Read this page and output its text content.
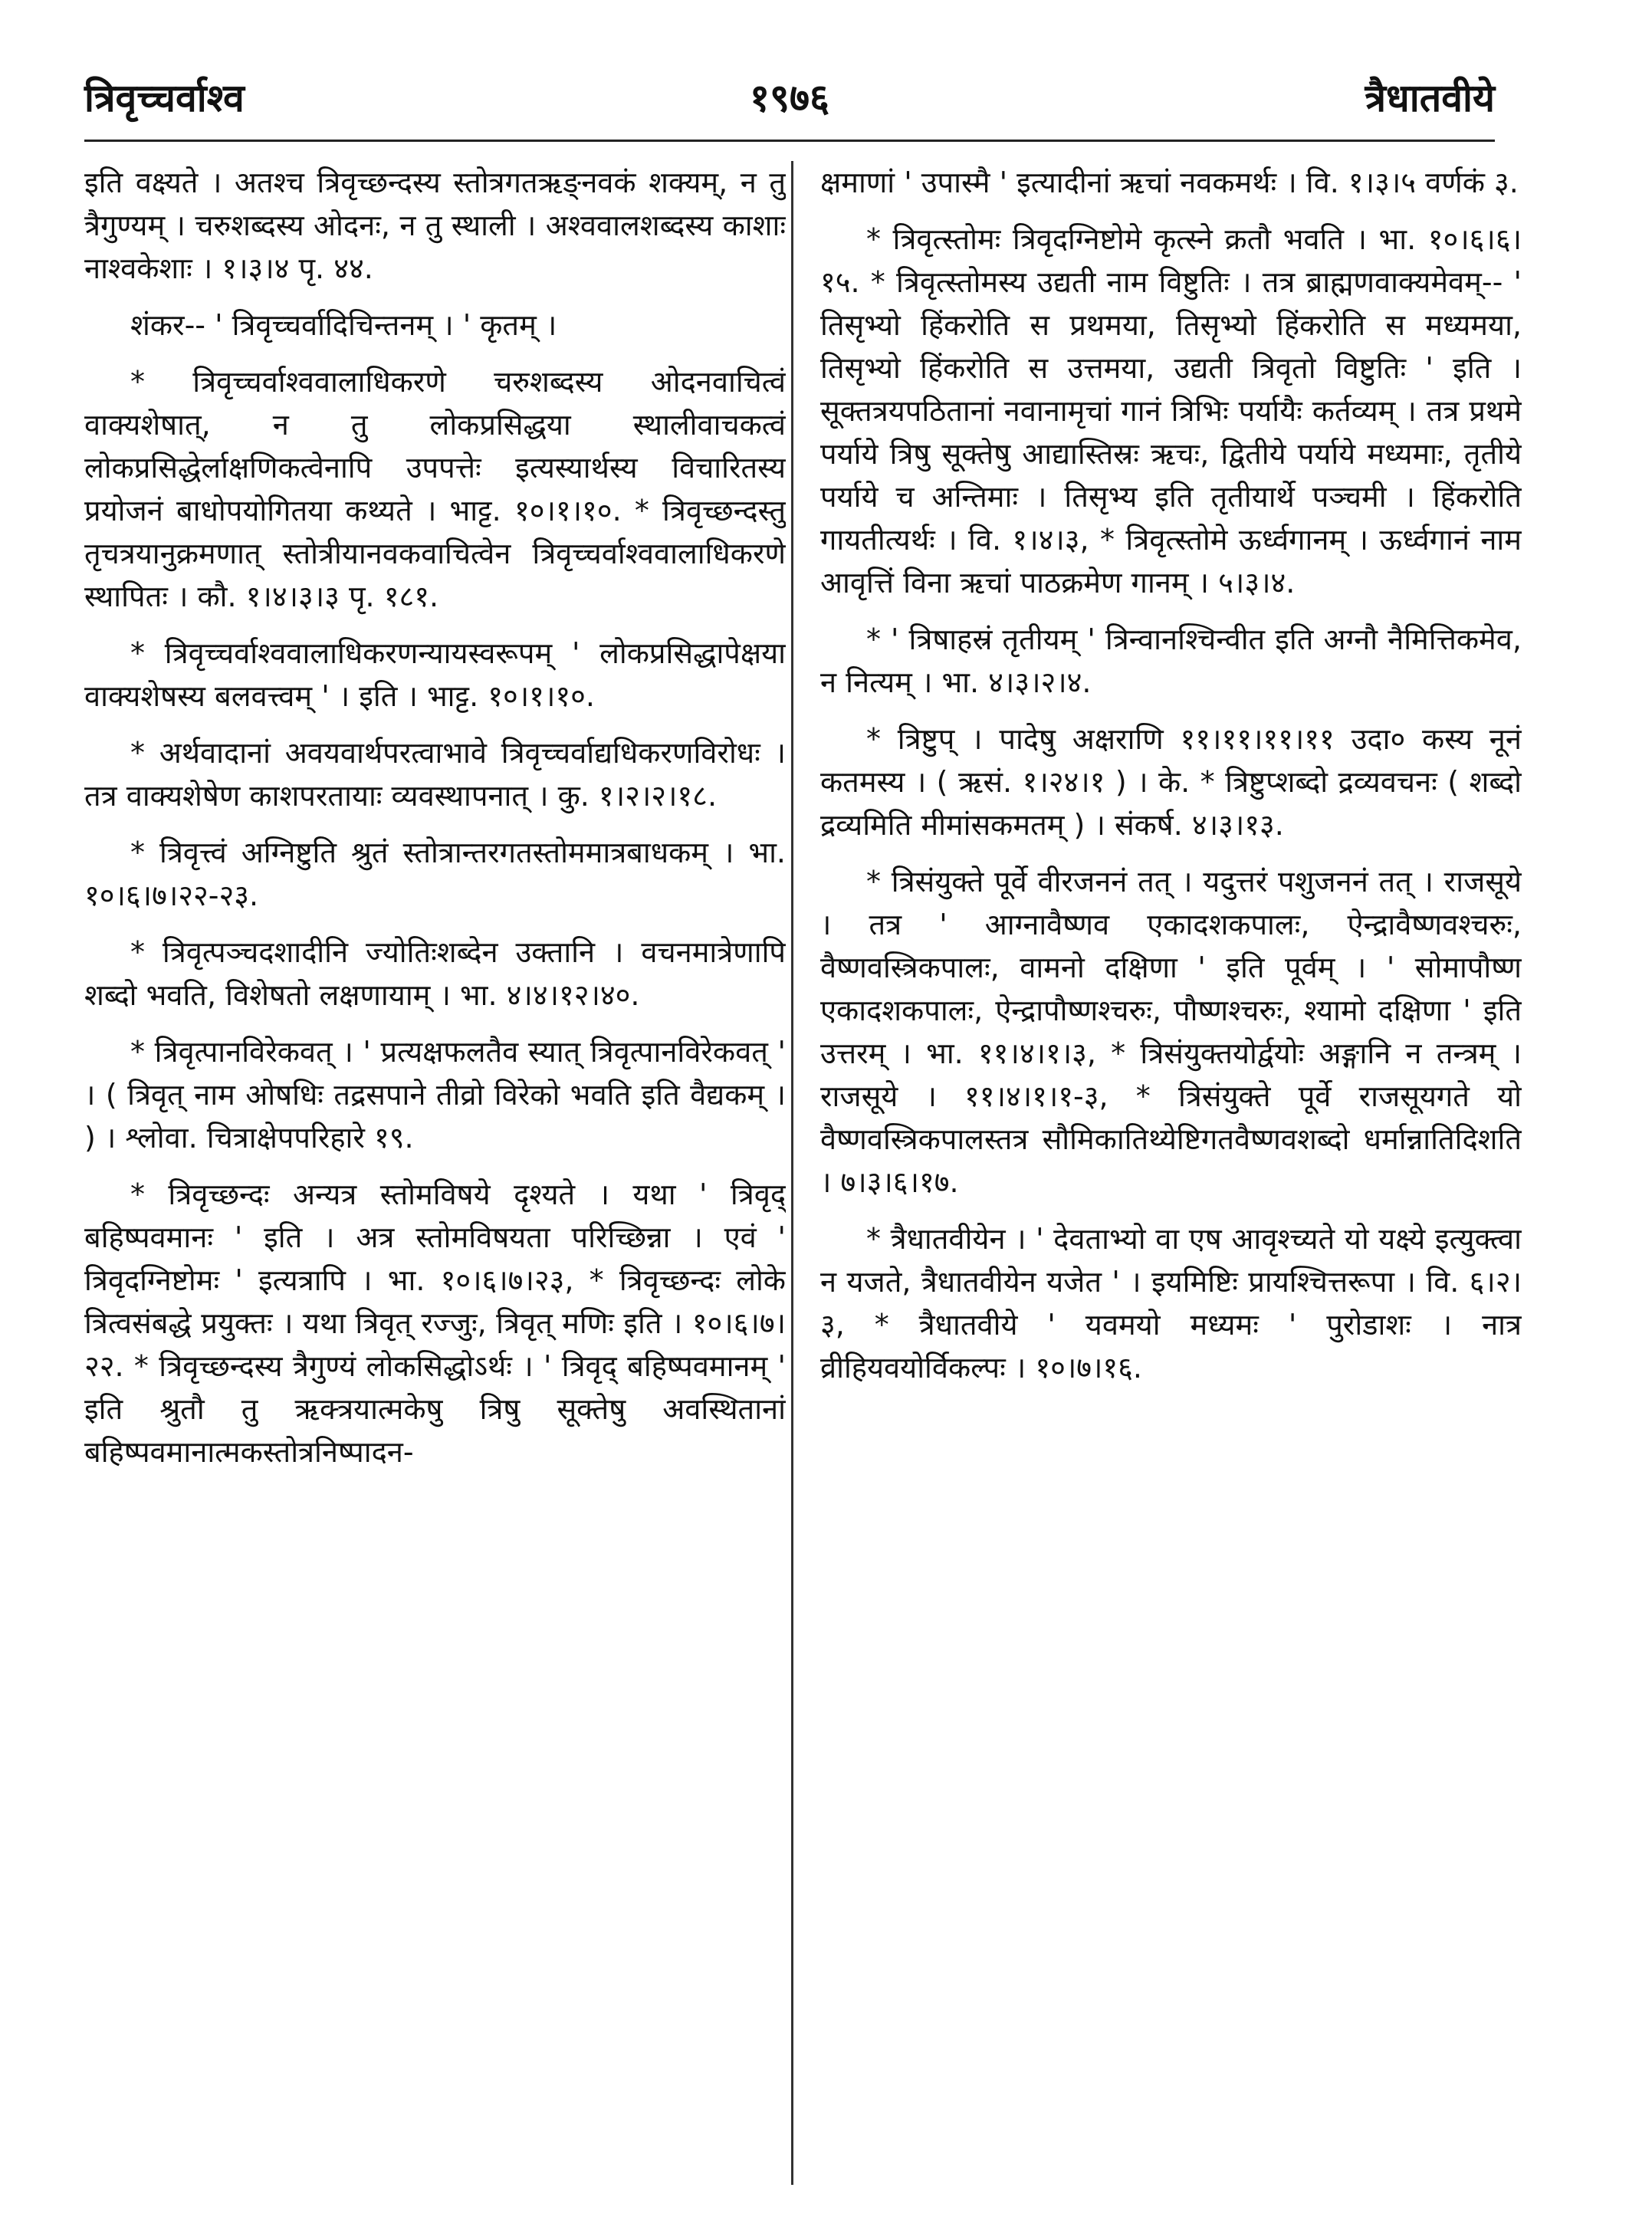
त्रिवृच्चर्वाश्व	१९७६	त्रैधातवीये

इति वक्ष्यते । अतश्च त्रिवृच्छन्दस्य स्तोत्रगतऋङ्नवकं शक्यम्, न तु त्रैगुण्यम् । चरुशब्दस्य ओदनः, न तु स्थाली । अश्ववालशब्दस्य काशाः नाश्वकेशाः । १।३।४ पृ. ४४.

शंकर-- ' त्रिवृच्चर्वादिचिन्तनम् । ' कृतम् ।

* त्रिवृच्चर्वाश्ववालाधिकरणे चरुशब्दस्य ओदनवाचित्वं वाक्यशेषात्, न तु लोकप्रसिद्धया स्थालीवाचकत्वं लोकप्रसिद्धेर्लाक्षणिकत्वेनापि उपपत्तेः इत्यस्यार्थस्य विचारितस्य प्रयोजनं बाधोपयोगितया कथ्यते । भाट्ट. १०।१।१०. * त्रिवृच्छन्दस्तु तृचत्रयानुक्रमणात् स्तोत्रीयानवकवाचित्वेन त्रिवृच्चर्वाश्ववालाधिकरणे स्थापितः । कौ. १।४।३।३ पृ. १८१.

* त्रिवृच्चर्वाश्ववालाधिकरणन्यायस्वरूपम् ' लोकप्रसिद्धापेक्षया वाक्यशेषस्य बलवत्त्वम् ' । इति । भाट्ट. १०।१।१०.

* अर्थवादानां अवयवार्थपरत्वाभावे त्रिवृच्चर्वाद्यधिकरणविरोधः । तत्र वाक्यशेषेण काशपरतायाः व्यवस्थापनात् । कु. १।२।२।१८.

* त्रिवृत्त्वं अग्निष्टुति श्रुतं स्तोत्रान्तरगतस्तोममात्रबाधकम् । भा. १०।६।७।२२-२३.

* त्रिवृत्पञ्चदशादीनि ज्योतिःशब्देन उक्तानि । वचनमात्रेणापि शब्दो भवति, विशेषतो लक्षणायाम् । भा. ४।४।१२।४०.

* त्रिवृत्पानविरेकवत् । ' प्रत्यक्षफलतैव स्यात् त्रिवृत्पानविरेकवत् ' । ( त्रिवृत् नाम ओषधिः तद्रसपाने तीव्रो विरेको भवति इति वैद्यकम् । ) । श्लोवा. चित्राक्षेपपरिहारे १९.

* त्रिवृच्छन्दः अन्यत्र स्तोमविषये दृश्यते । यथा ' त्रिवृद् बहिष्पवमानः ' इति । अत्र स्तोमविषयता परिच्छिन्ना । एवं ' त्रिवृदग्निष्टोमः ' इत्यत्रापि । भा. १०।६।७।२३, * त्रिवृच्छन्दः लोके त्रित्वसंबद्धे प्रयुक्तः । यथा त्रिवृत् रज्जुः, त्रिवृत् मणिः इति । १०।६।७।२२. * त्रिवृच्छन्दस्य त्रैगुण्यं लोकसिद्धोऽर्थः । ' त्रिवृद् बहिष्पवमानम् ' इति श्रुतौ तु ऋक्त्रयात्मकेषु त्रिषु सूक्तेषु अवस्थितानां बहिष्पवमानात्मकस्तोत्रनिष्पादन-

क्षमाणां ' उपास्मै ' इत्यादीनां ऋचां नवकमर्थः । वि. १।३।५ वर्णकं ३.

* त्रिवृत्स्तोमः त्रिवृदग्निष्टोमे कृत्स्ने क्रतौ भवति । भा. १०।६।६।१५. * त्रिवृत्स्तोमस्य उद्यती नाम विष्टुतिः । तत्र ब्राह्मणवाक्यमेवम्-- ' तिसृभ्यो हिंकरोति स प्रथमया, तिसृभ्यो हिंकरोति स मध्यमया, तिसृभ्यो हिंकरोति स उत्तमया, उद्यती त्रिवृतो विष्टुतिः ' इति । सूक्तत्रयपठितानां नवानामृचां गानं त्रिभिः पर्यायैः कर्तव्यम् । तत्र प्रथमे पर्याये त्रिषु सूक्तेषु आद्यास्तिस्रः ऋचः, द्वितीये पर्याये मध्यमाः, तृतीये पर्याये च अन्तिमाः । तिसृभ्य इति तृतीयार्थे पञ्चमी । हिंकरोति गायतीत्यर्थः । वि. १।४।३, * त्रिवृत्स्तोमे ऊर्ध्वगानम् । ऊर्ध्वगानं नाम आवृत्तिं विना ऋचां पाठक्रमेण गानम् । ५।३।४.

* ' त्रिषाहस्रं तृतीयम् ' त्रिन्वानश्चिन्वीत इति अग्नौ नैमित्तिकमेव, न नित्यम् । भा. ४।३।२।४.

* त्रिष्टुप् । पादेषु अक्षराणि ११।११।११।११ उदा० कस्य नूनं कतमस्य । ( ऋसं. १।२४।१ ) । के. * त्रिष्टुप्शब्दो द्रव्यवचनः ( शब्दो द्रव्यमिति मीमांसकमतम् ) । संकर्ष. ४।३।१३.

* त्रिसंयुक्ते पूर्वे वीरजननं तत् । यदुत्तरं पशुजननं तत् । राजसूये । तत्र ' आग्नावैष्णव एकादशकपालः, ऐन्द्रावैष्णवश्चरुः, वैष्णवस्त्रिकपालः, वामनो दक्षिणा ' इति पूर्वम् । ' सोमापौष्ण एकादशकपालः, ऐन्द्रापौष्णश्चरुः, पौष्णश्चरुः, श्यामो दक्षिणा ' इति उत्तरम् । भा. ११।४।१।३, * त्रिसंयुक्तयोर्द्वयोः अङ्गानि न तन्त्रम् । राजसूये । ११।४।१।१-३, * त्रिसंयुक्ते पूर्वे राजसूयगते यो वैष्णवस्त्रिकपालस्तत्र सौमिकातिथ्येष्टिगतवैष्णवशब्दो धर्मान्नातिदिशति । ७।३।६।१७.

* त्रैधातवीयेन । ' देवताभ्यो वा एष आवृश्च्यते यो यक्ष्ये इत्युक्त्वा न यजते, त्रैधातवीयेन यजेत ' । इयमिष्टिः प्रायश्चित्तरूपा । वि. ६।२।३, * त्रैधातवीये ' यवमयो मध्यमः ' पुरोडाशः । नात्र व्रीहियवयोर्विकल्पः । १०।७।१६.
